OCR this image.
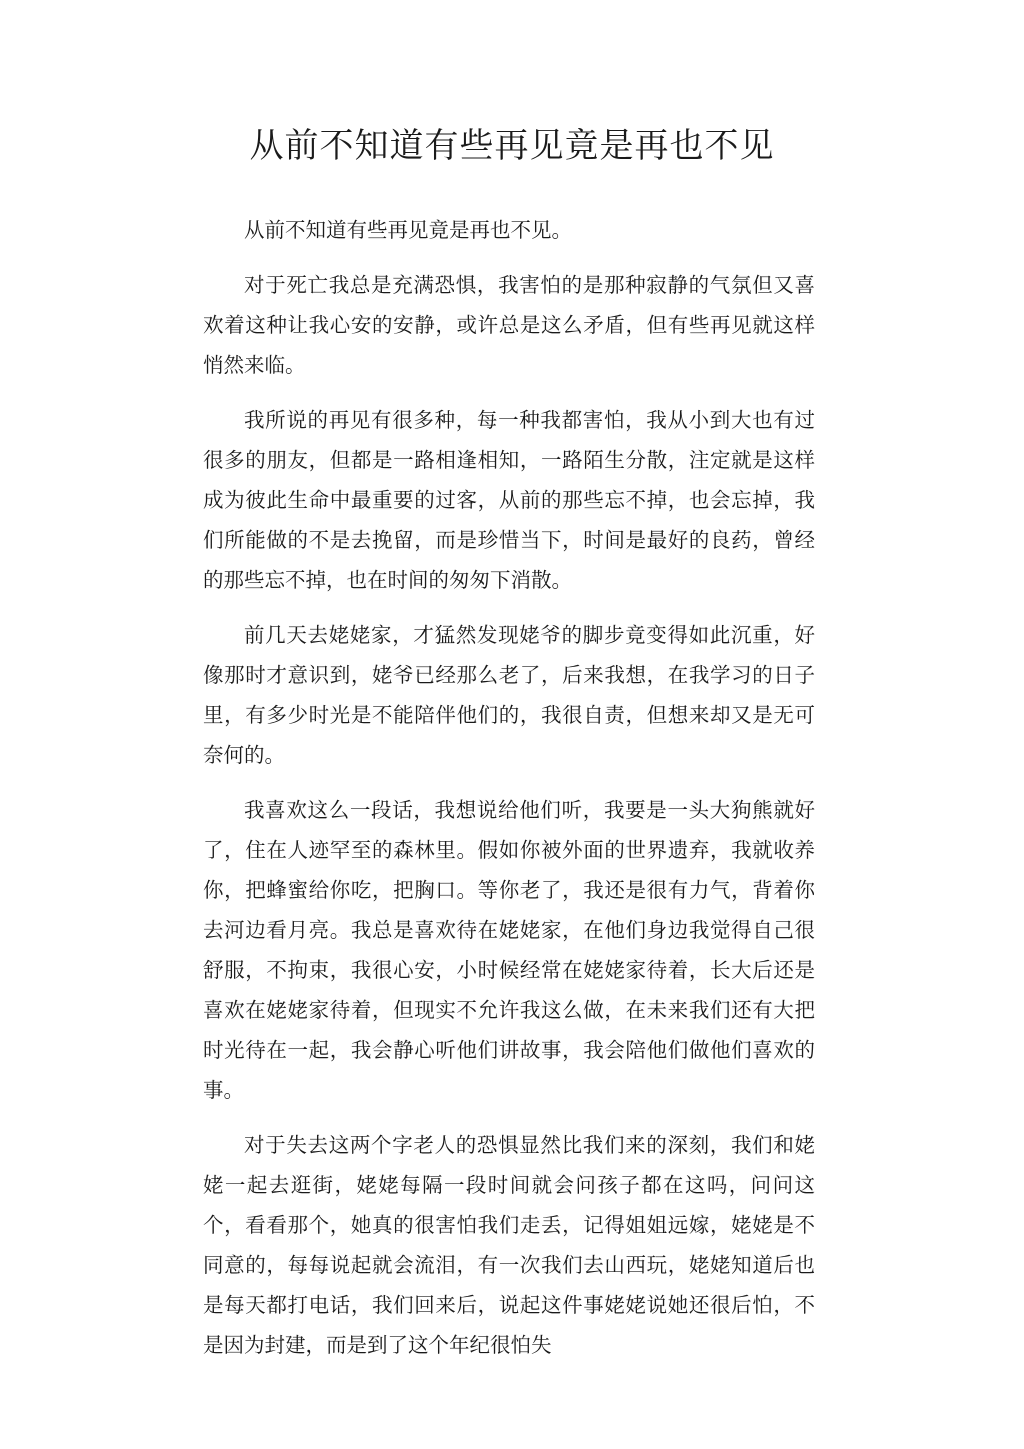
从前不知道有些再见竟是再也不见

从前不知道有些再见竟是再也不见。

对于死亡我总是充满恐惧，我害怕的是那种寂静的气氛但又喜欢着这种让我心安的安静，或许总是这么矛盾，但有些再见就这样悄然来临。

我所说的再见有很多种，每一种我都害怕，我从小到大也有过很多的朋友，但都是一路相逢相知，一路陌生分散，注定就是这样成为彼此生命中最重要的过客，从前的那些忘不掉，也会忘掉，我们所能做的不是去挽留，而是珍惜当下，时间是最好的良药，曾经的那些忘不掉，也在时间的匆匆下消散。

前几天去姥姥家，才猛然发现姥爷的脚步竟变得如此沉重，好像那时才意识到，姥爷已经那么老了，后来我想，在我学习的日子里，有多少时光是不能陪伴他们的，我很自责，但想来却又是无可奈何的。

我喜欢这么一段话，我想说给他们听，我要是一头大狗熊就好了，住在人迹罕至的森林里。假如你被外面的世界遗弃，我就收养你，把蜂蜜给你吃，把胸口。等你老了，我还是很有力气，背着你去河边看月亮。我总是喜欢待在姥姥家，在他们身边我觉得自己很舒服，不拘束，我很心安，小时候经常在姥姥家待着，长大后还是喜欢在姥姥家待着，但现实不允许我这么做，在未来我们还有大把时光待在一起，我会静心听他们讲故事，我会陪他们做他们喜欢的事。

对于失去这两个字老人的恐惧显然比我们来的深刻，我们和姥姥一起去逛街，姥姥每隔一段时间就会问孩子都在这吗，问问这个，看看那个，她真的很害怕我们走丢，记得姐姐远嫁，姥姥是不同意的，每每说起就会流泪，有一次我们去山西玩，姥姥知道后也是每天都打电话，我们回来后，说起这件事姥姥说她还很后怕，不是因为封建，而是到了这个年纪很怕失
